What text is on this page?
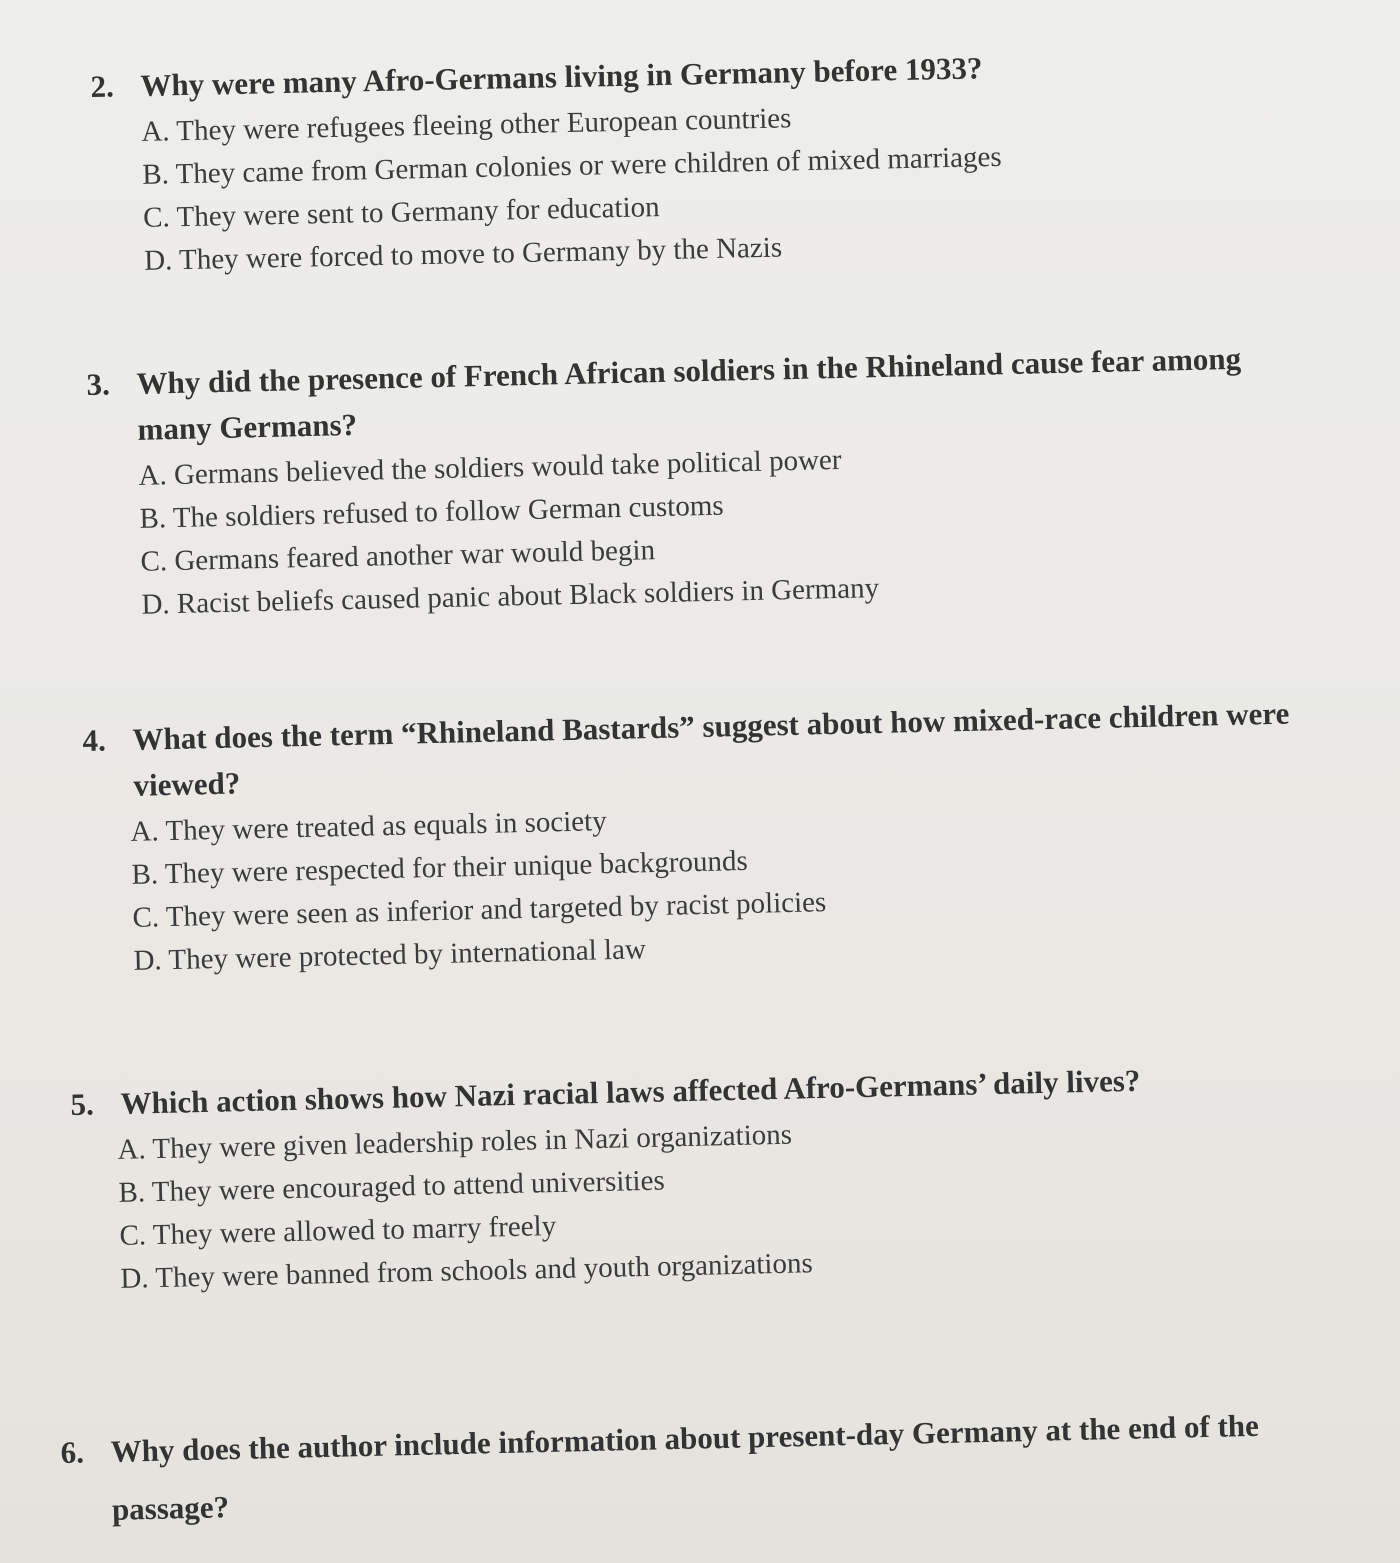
2. Why were many Afro-Germans living in Germany before 1933?
A. They were refugees fleeing other European countries
B. They came from German colonies or were children of mixed marriages
C. They were sent to Germany for education
D. They were forced to move to Germany by the Nazis
3. Why did the presence of French African soldiers in the Rhineland cause fear among many Germans?
A. Germans believed the soldiers would take political power
B. The soldiers refused to follow German customs
C. Germans feared another war would begin
D. Racist beliefs caused panic about Black soldiers in Germany
4. What does the term “Rhineland Bastards” suggest about how mixed-race children were viewed?
A. They were treated as equals in society
B. They were respected for their unique backgrounds
C. They were seen as inferior and targeted by racist policies
D. They were protected by international law
5. Which action shows how Nazi racial laws affected Afro-Germans’ daily lives?
A. They were given leadership roles in Nazi organizations
B. They were encouraged to attend universities
C. They were allowed to marry freely
D. They were banned from schools and youth organizations
6. Why does the author include information about present-day Germany at the end of the passage?
